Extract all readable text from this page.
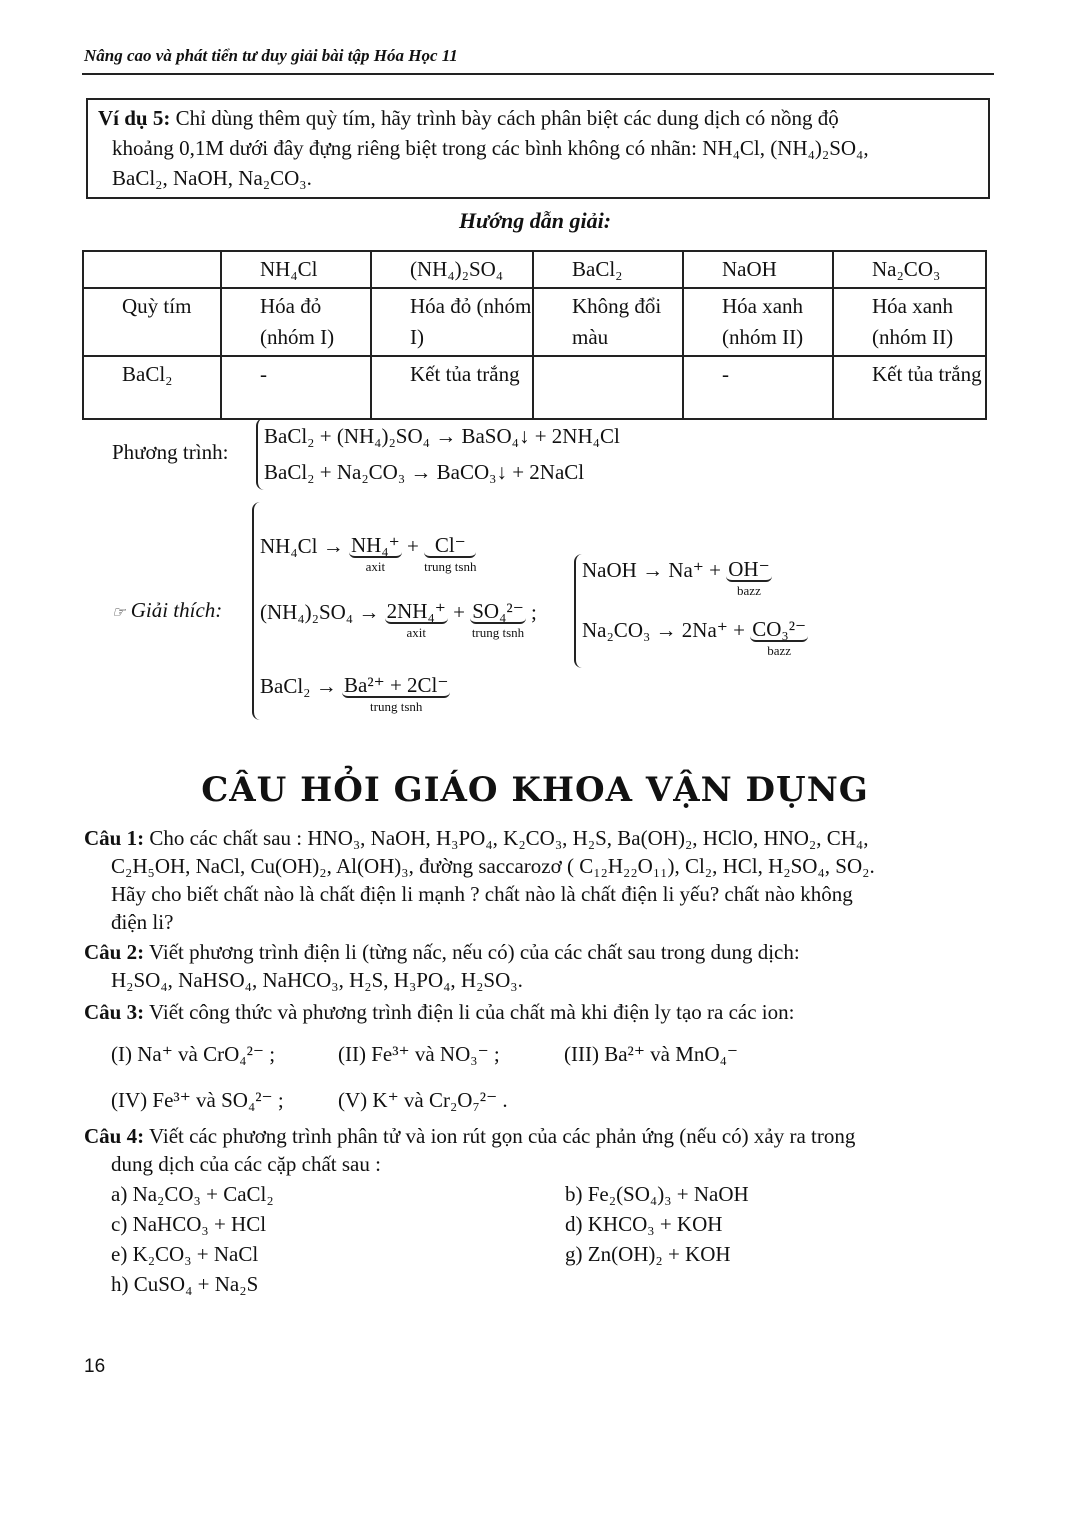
Nâng cao và phát tiển tư duy giải bài tập Hóa Học 11
Ví dụ 5: Chỉ dùng thêm quỳ tím, hãy trình bày cách phân biệt các dung dịch có nồng độ
khoảng 0,1M dưới đây đựng riêng biệt trong các bình không có nhãn: NH₄Cl, (NH₄)₂SO₄,
BaCl₂, NaOH, Na₂CO₃.
Hướng dẫn giải:
	NH₄Cl	(NH₄)₂SO₄	BaCl₂	NaOH	Na₂CO₃
Quỳ tím	Hóa đỏ (nhóm I)	Hóa đỏ (nhóm I)	Không đổi màu	Hóa xanh (nhóm II)	Hóa xanh (nhóm II)
BaCl₂	-	Kết tủa trắng		-	Kết tủa trắng
Phương trình:
BaCl₂ + (NH₄)₂SO₄ → BaSO₄↓ + 2NH₄Cl
BaCl₂ + Na₂CO₃ → BaCO₃↓ + 2NaCl
☞ Giải thích:
NH₄Cl → NH₄⁺
axit
+ Cl⁻
trung tsnh
(NH₄)₂SO₄ → 2NH₄⁺
axit
+ SO₄²⁻
trung tsnh
;
BaCl₂ → Ba²⁺ + 2Cl⁻
trung tsnh
NaOH → Na⁺ + OH⁻
bazz
Na₂CO₃ → 2Na⁺ + CO₃²⁻
bazz
CÂU HỎI GIÁO KHOA VẬN DỤNG
Câu 1: Cho các chất sau : HNO₃, NaOH, H₃PO₄, K₂CO₃, H₂S, Ba(OH)₂, HClO, HNO₂, CH₄,
C₂H₅OH, NaCl, Cu(OH)₂, Al(OH)₃, đường saccarozơ ( C₁₂H₂₂O₁₁), Cl₂, HCl, H₂SO₄, SO₂.
Hãy cho biết chất nào là chất điện li mạnh ? chất nào là chất điện li yếu? chất nào không
điện li?
Câu 2: Viết phương trình điện li (từng nấc, nếu có) của các chất sau trong dung dịch:
H₂SO₄, NaHSO₄, NaHCO₃, H₂S, H₃PO₄, H₂SO₃.
Câu 3: Viết công thức và phương trình điện li của chất mà khi điện ly tạo ra các ion:
(I) Na⁺ và CrO₄²⁻ ;	(II) Fe³⁺ và NO₃⁻ ;	(III) Ba²⁺ và MnO₄⁻
(IV) Fe³⁺ và SO₄²⁻ ;	(V) K⁺ và Cr₂O₇²⁻ .
Câu 4: Viết các phương trình phân tử và ion rút gọn của các phản ứng (nếu có) xảy ra trong
dung dịch của các cặp chất sau :
a) Na₂CO₃ + CaCl₂	b) Fe₂(SO₄)₃ + NaOH
c) NaHCO₃ + HCl	d) KHCO₃ + KOH
e) K₂CO₃ + NaCl	g) Zn(OH)₂ + KOH
h) CuSO₄ + Na₂S
16
